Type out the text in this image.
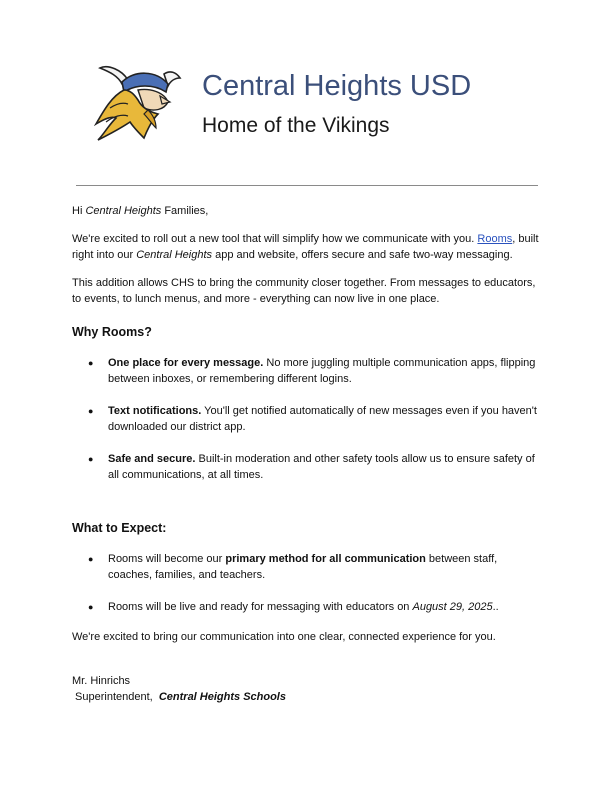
Central Heights USD
Home of the Vikings

Hi Central Heights Families,

We're excited to roll out a new tool that will simplify how we communicate with you. Rooms, built right into our Central Heights app and website, offers secure and safe two-way messaging.

This addition allows CHS to bring the community closer together. From messages to educators, to events, to lunch menus, and more - everything can now live in one place.

Why Rooms?
● One place for every message. No more juggling multiple communication apps, flipping between inboxes, or remembering different logins.
● Text notifications. You'll get notified automatically of new messages even if you haven't downloaded our district app.
● Safe and secure. Built-in moderation and other safety tools allow us to ensure safety of all communications, at all times.
What to Expect:
● Rooms will become our primary method for all communication between staff, coaches, families, and teachers.
● Rooms will be live and ready for messaging with educators on August 29, 2025..

We're excited to bring our communication into one clear, connected experience for you.

Mr. Hinrichs

Superintendent,  Central Heights Schools
